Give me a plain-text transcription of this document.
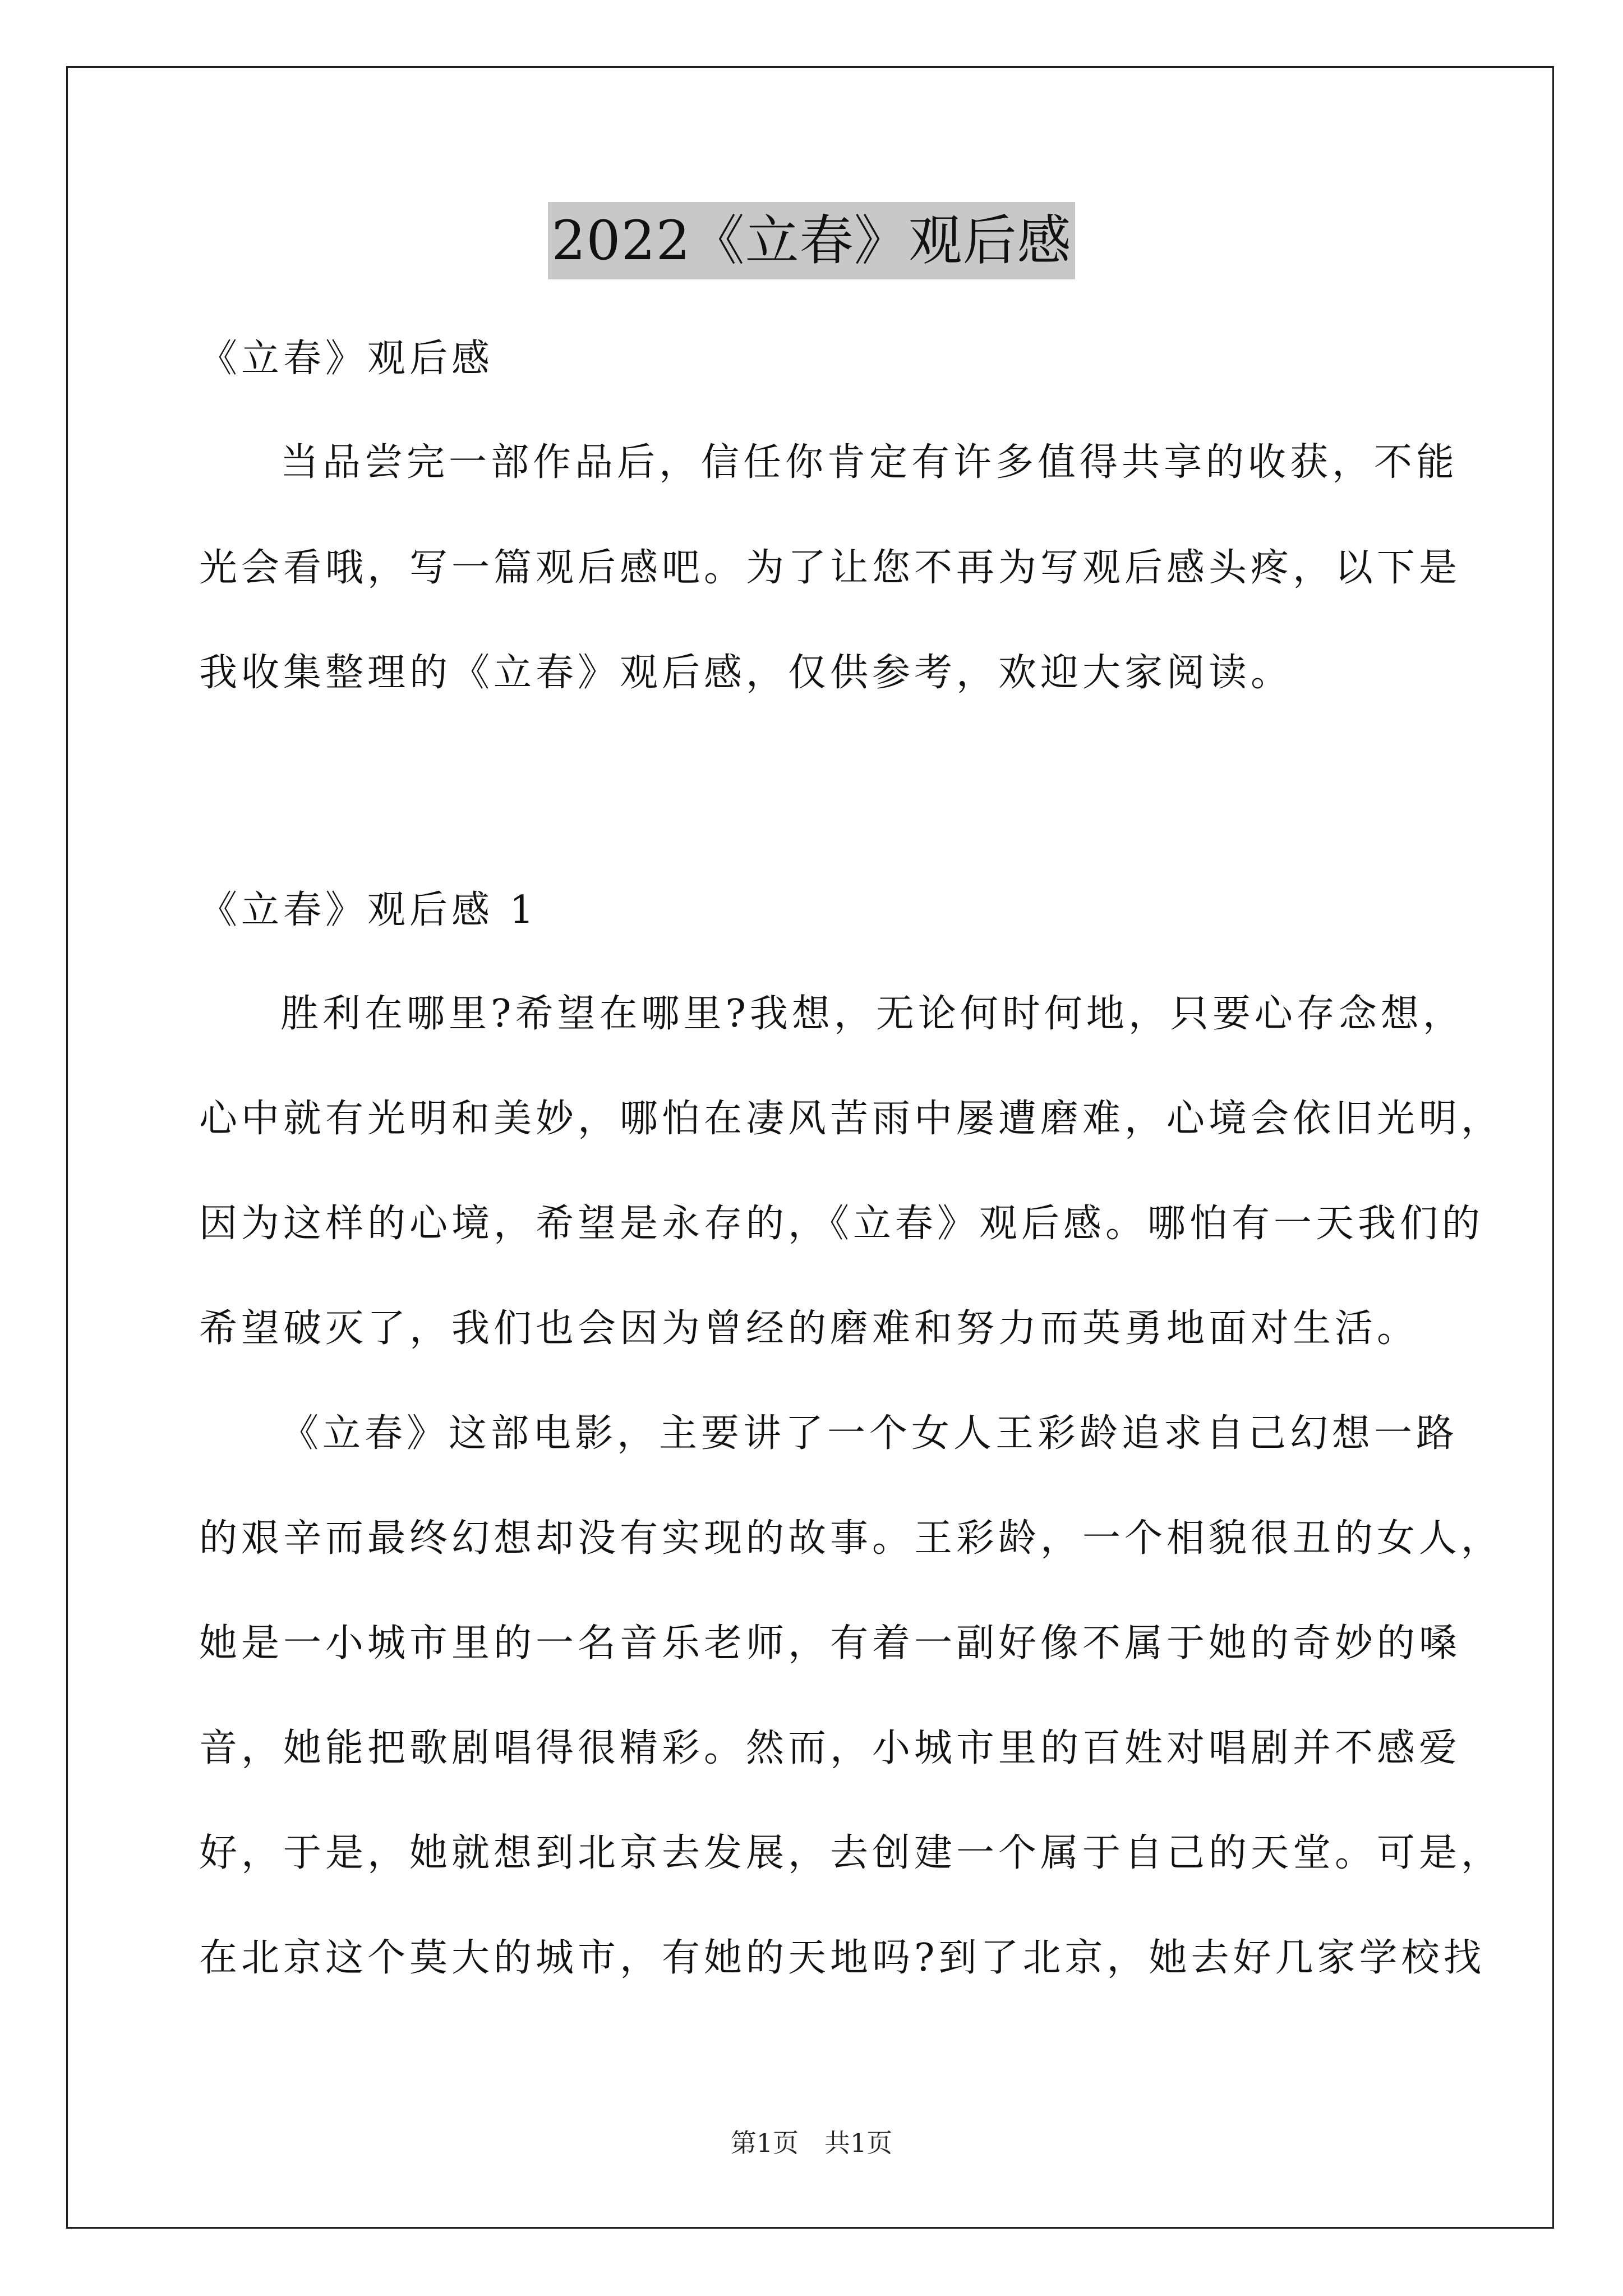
2022《立春》观后感
《立春》观后感
当品尝完一部作品后，信任你肯定有许多值得共享的收获，不能
光会看哦，写一篇观后感吧。为了让您不再为写观后感头疼，以下是
我收集整理的《立春》观后感，仅供参考，欢迎大家阅读。
《立春》观后感 1
胜利在哪里?希望在哪里?我想，无论何时何地，只要心存念想，
心中就有光明和美妙，哪怕在凄风苦雨中屡遭磨难，心境会依旧光明，
因为这样的心境，希望是永存的，《立春》观后感。哪怕有一天我们的
希望破灭了，我们也会因为曾经的磨难和努力而英勇地面对生活。
《立春》这部电影，主要讲了一个女人王彩龄追求自己幻想一路
的艰辛而最终幻想却没有实现的故事。王彩龄，一个相貌很丑的女人，
她是一小城市里的一名音乐老师，有着一副好像不属于她的奇妙的嗓
音，她能把歌剧唱得很精彩。然而，小城市里的百姓对唱剧并不感爱
好，于是，她就想到北京去发展，去创建一个属于自己的天堂。可是，
在北京这个莫大的城市，有她的天地吗?到了北京，她去好几家学校找
第1页　共1页
